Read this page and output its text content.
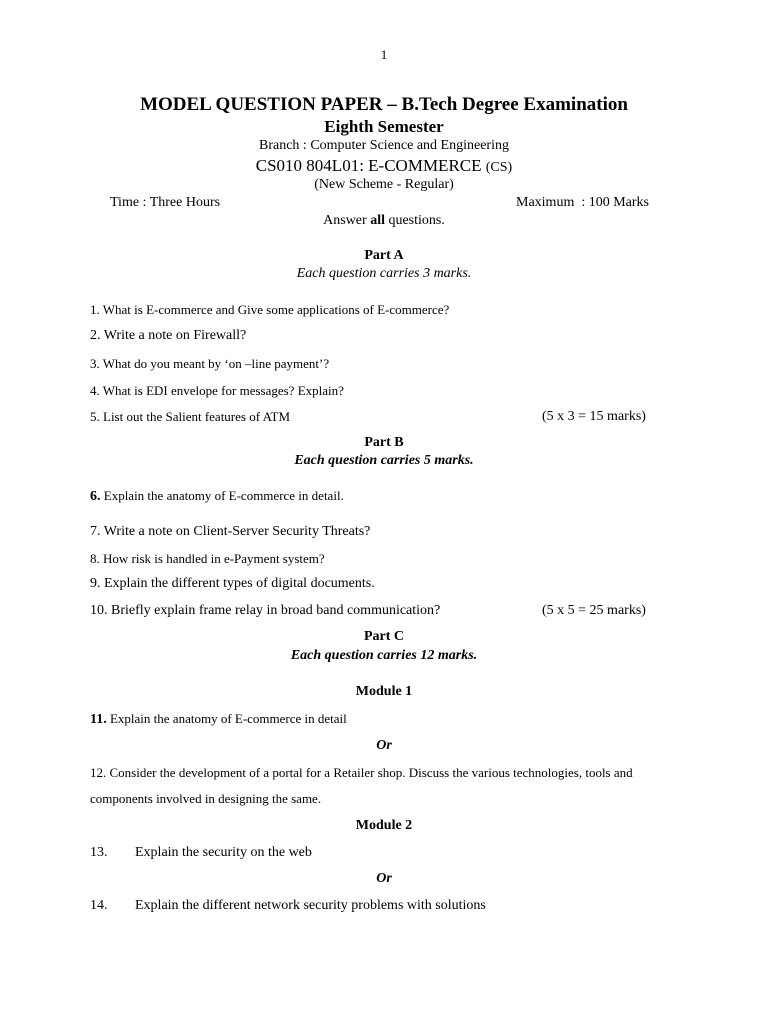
1
MODEL QUESTION PAPER – B.Tech Degree Examination
Eighth Semester
Branch : Computer Science and Engineering
CS010 804L01: E-COMMERCE (CS)
(New Scheme - Regular)
Time : Three Hours	Maximum  : 100 Marks
Answer all questions.
Part A
Each question carries 3 marks.
1. What is E-commerce and Give some applications of E-commerce?
2. Write a note on Firewall?
3. What do you meant by ‘on –line payment’?
4. What is EDI envelope for messages? Explain?
5. List out the Salient features of ATM	(5 x 3 = 15 marks)
Part B
Each question carries 5 marks.
6. Explain the anatomy of E-commerce in detail.
7. Write a note on Client-Server Security Threats?
8. How risk is handled in e-Payment system?
9. Explain the different types of digital documents.
10. Briefly explain frame relay in broad band communication?	(5 x 5 = 25 marks)
Part C
Each question carries 12 marks.
Module 1
11. Explain the anatomy of E-commerce in detail
Or
12. Consider the development of a portal for a Retailer shop. Discuss the various technologies, tools and
components involved in designing the same.
Module 2
13. Explain the security on the web
Or
14. Explain the different network security problems with solutions
